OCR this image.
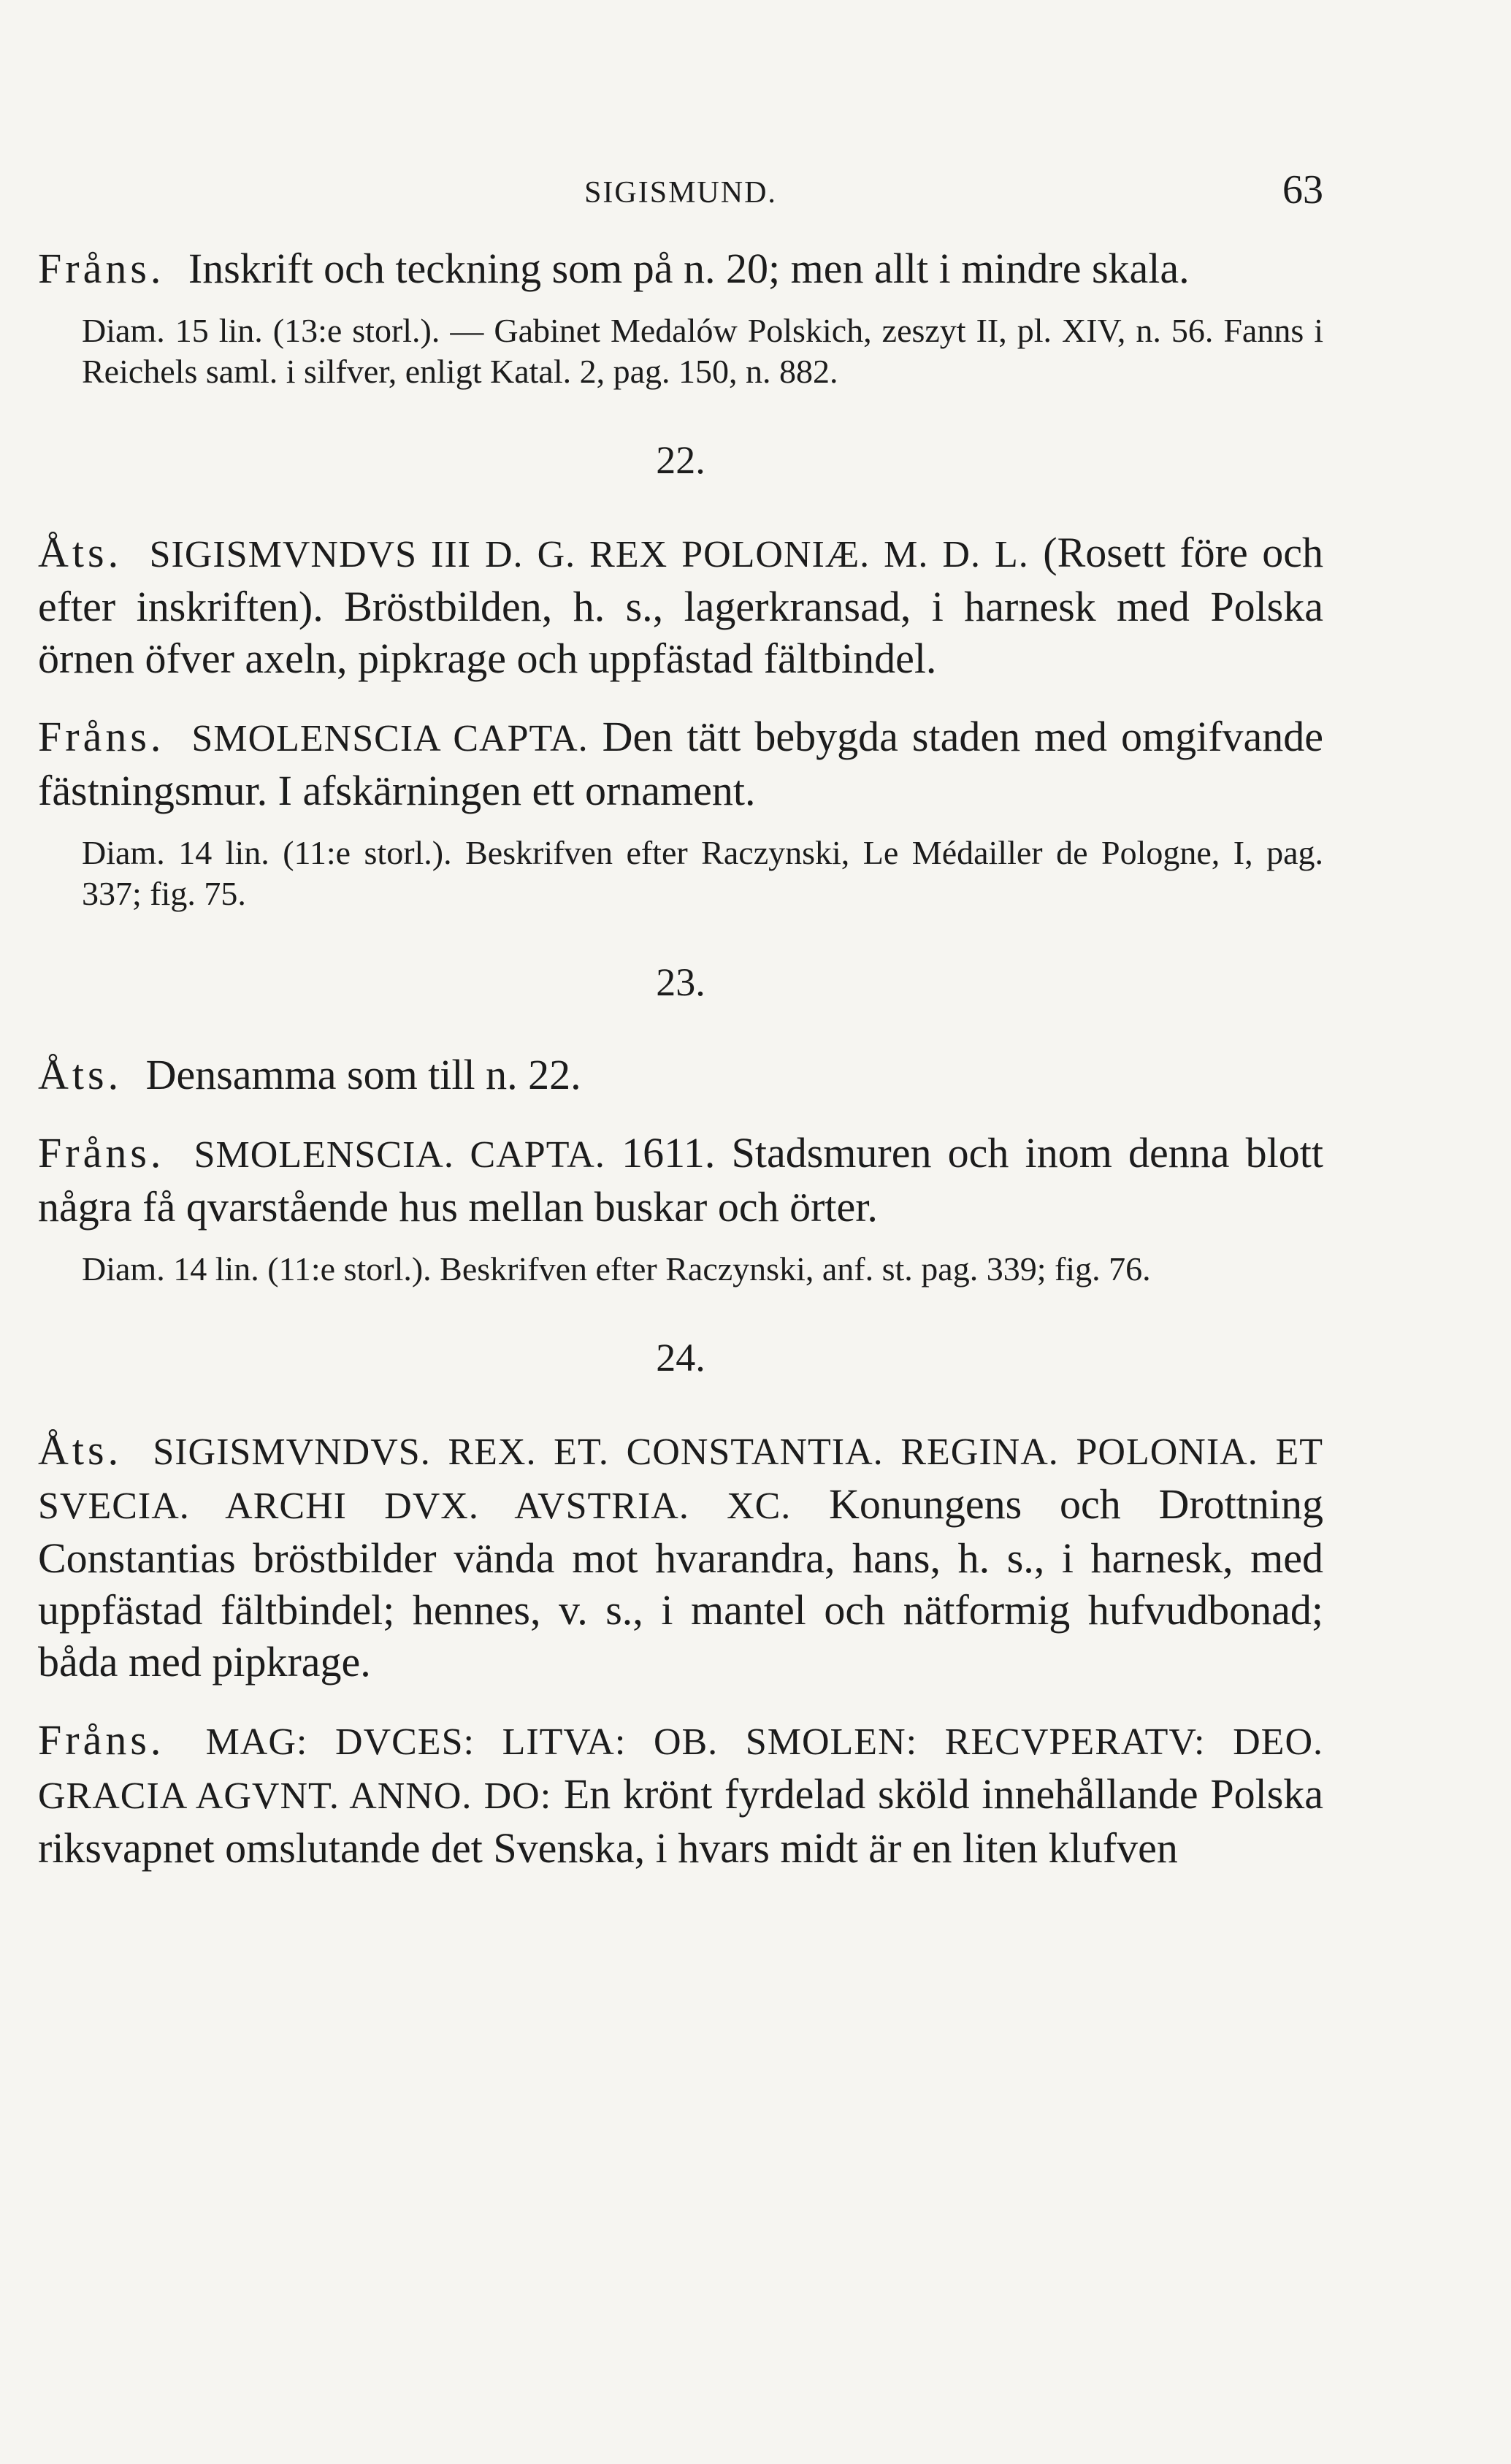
SIGISMUND.	63

Fråns. Inskrift och teckning som på n. 20; men allt i mindre skala.

Diam. 15 lin. (13:e storl.). — Gabinet Medalów Polskich, zeszyt II, pl. XIV, n. 56. Fanns i Reichels saml. i silfver, enligt Katal. 2, pag. 150, n. 882.

22.

Åts. SIGISMVNDVS III D. G. REX POLONIÆ. M. D. L. (Rosett före och efter inskriften). Bröstbilden, h. s., lagerkransad, i harnesk med Polska örnen öfver axeln, pipkrage och uppfästad fältbindel.

Fråns. SMOLENSCIA CAPTA. Den tätt bebygda staden med omgifvande fästningsmur. I afskärningen ett ornament.

Diam. 14 lin. (11:e storl.). Beskrifven efter Raczynski, Le Médailler de Pologne, I, pag. 337; fig. 75.

23.

Åts. Densamma som till n. 22.

Fråns. SMOLENSCIA. CAPTA. 1611. Stadsmuren och inom denna blott några få qvarstående hus mellan buskar och örter.

Diam. 14 lin. (11:e storl.). Beskrifven efter Raczynski, anf. st. pag. 339; fig. 76.

24.

Åts. SIGISMVNDVS. REX. ET. CONSTANTIA. REGINA. POLONIA. ET SVECIA. ARCHI DVX. AVSTRIA. XC. Konungens och Drottning Constantias bröstbilder vända mot hvarandra, hans, h. s., i harnesk, med uppfästad fältbindel; hennes, v. s., i mantel och nätformig hufvudbonad; båda med pipkrage.

Fråns. MAG: DVCES: LITVA: OB. SMOLEN: RECVPERATV: DEO. GRACIA AGVNT. ANNO. DO: En krönt fyrdelad sköld innehållande Polska riksvapnet omslutande det Svenska, i hvars midt är en liten klufven
